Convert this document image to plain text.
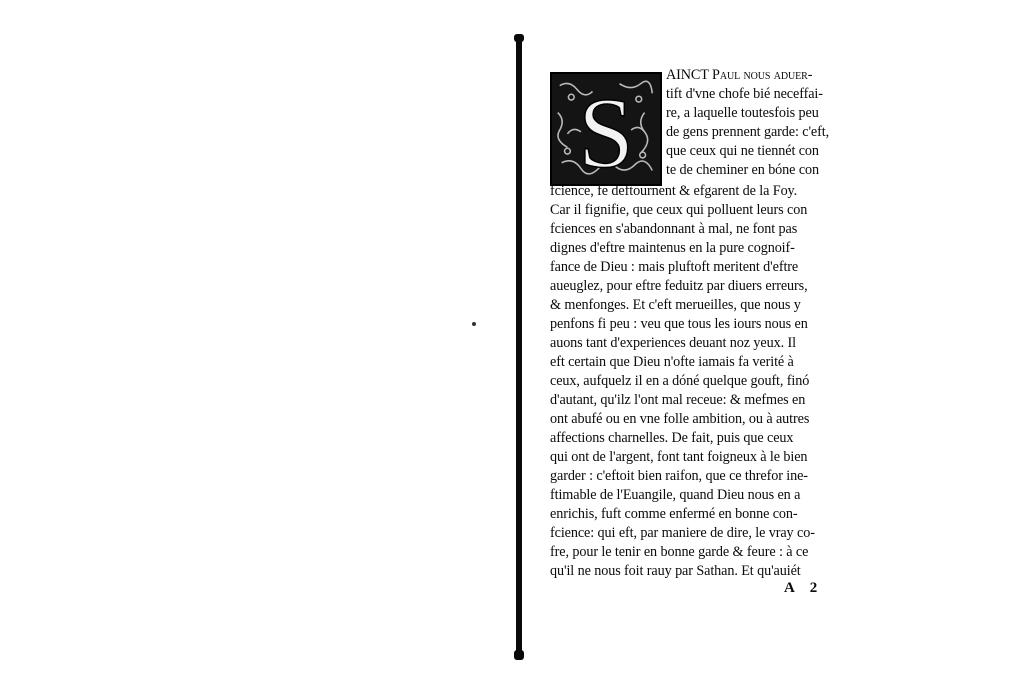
S
AINCT Paul nous aduer-
tift d'vne chofe bié neceffai-
re, a laquelle toutesfois peu
de gens prennent garde: c'eft,
que ceux qui ne tiennét con
te de cheminer en bóne con
fcience, fe deftournent & efgarent de la Foy.
Car il fignifie, que ceux qui polluent leurs con
fciences en s'abandonnant à mal, ne font pas
dignes d'eftre maintenus en la pure cognoif-
fance de Dieu : mais pluftoft meritent d'eftre
aueuglez, pour eftre feduitz par diuers erreurs,
& menfonges. Et c'eft merueilles, que nous y
penfons fi peu : veu que tous les iours nous en
auons tant d'experiences deuant noz yeux. Il
eft certain que Dieu n'ofte iamais fa verité à
ceux, aufquelz il en a dóné quelque gouft, finó
d'autant, qu'ilz l'ont mal receue: & mefmes en
ont abufé ou en vne folle ambition, ou à autres
affections charnelles. De fait, puis que ceux
qui ont de l'argent, font tant foigneux à le bien
garder : c'eftoit bien raifon, que ce threfor ine-
ftimable de l'Euangile, quand Dieu nous en a
enrichis, fuft comme enfermé en bonne con-
fcience: qui eft, par maniere de dire, le vray co-
fre, pour le tenir en bonne garde & feure : à ce
qu'il ne nous foit rauy par Sathan. Et qu'auiét
A 2
